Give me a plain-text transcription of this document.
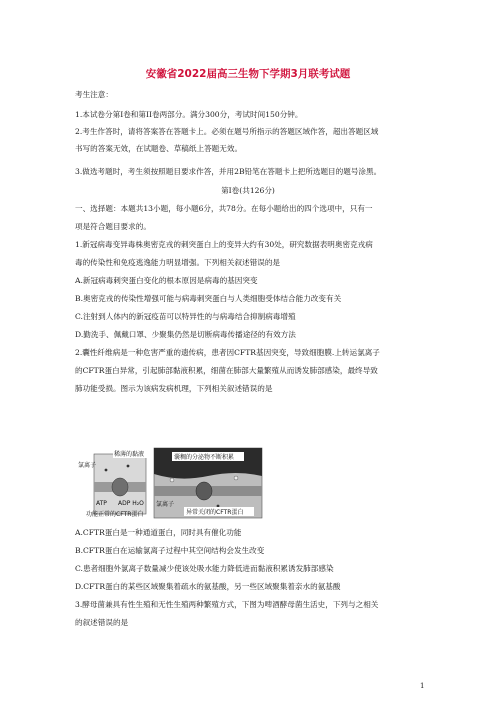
安徽省2022届高三生物下学期3月联考试题
考生注意：
1.本试卷分第I卷和第II卷两部分。满分300分，考试时间150分钟。
2.考生作答时，请将答案答在答题卡上。必须在题号所指示的答题区域作答，超出答题区域
书写的答案无效，在试题卷、草稿纸上答题无效。
3.做选考题时，考生须按照题目要求作答，并用2B铅笔在答题卡上把所选题目的题号涂黑。
第I卷(共126分)
一、选择题：本题共13小题，每小题6分，共78分。在每小题给出的四个选项中，只有一
项是符合题目要求的。
1.新冠病毒变异毒株奥密克戎的刺突蛋白上的变异大约有30处，研究数据表明奥密克戎病
毒的传染性和免疫逃逸能力明显增强。下列相关叙述错误的是
A.新冠病毒刺突蛋白变化的根本原因是病毒的基因突变
B.奥密克戎的传染性增强可能与病毒刺突蛋白与人类细胞受体结合能力改变有关
C.注射到人体内的新冠疫苗可以特异性的与病毒结合抑制病毒增殖
D.勤洗手、佩戴口罩、少聚集仍然是切断病毒传播途径的有效方法
2.囊性纤维病是一种危害严重的遗传病，患者因CFTR基因突变，导致细胞膜.上转运氯离子
的CFTR蛋白异常，引起肺部黏液积累，细菌在肺部大量繁殖从而诱发肺部感染，最终导致
肺功能受损。图示为该病发病机理，下列相关叙述错误的是
囊稠的分泌物不断积累
氯离子
稀薄的黏液
ATP ADP H₂O 氯离子
功能正常的CFTR蛋白	异常关闭的CFTR蛋白
A.CFTR蛋白是一种通道蛋白，同时具有催化功能
B.CFTR蛋白在运输氯离子过程中其空间结构会发生改变
C.患者细胞外氯离子数量减少使该处吸水能力降低进而黏液积累诱发肺部感染
D.CFTR蛋白的某些区域聚集着疏水的氨基酸，另一些区域聚集着亲水的氨基酸
3.酵母菌兼具有性生殖和无性生殖两种繁殖方式，下图为啤酒酵母菌生活史，下列与之相关
的叙述错误的是
1
